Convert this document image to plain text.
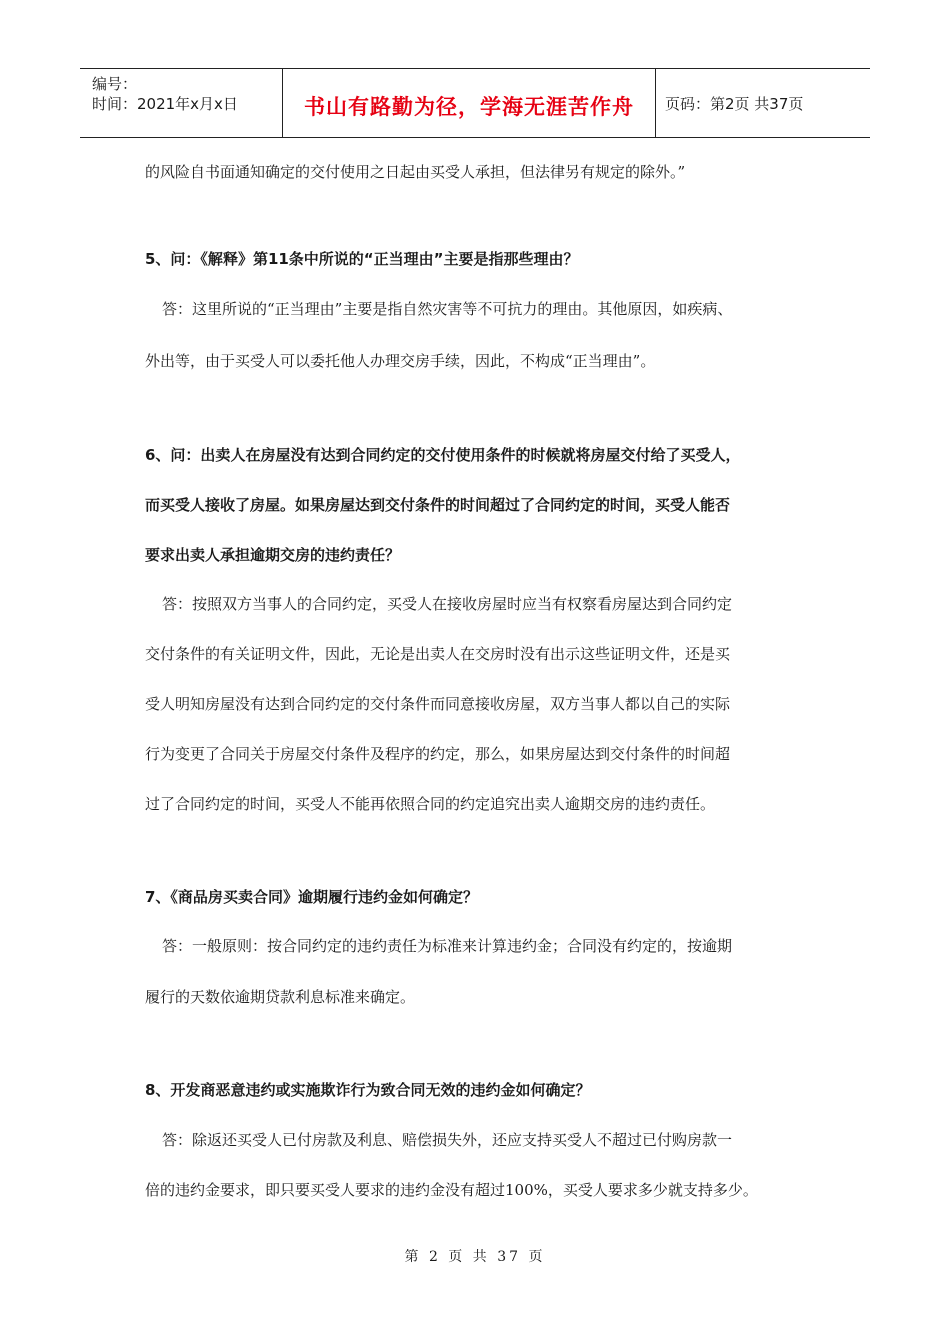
编号：
时间：2021年x月x日	书山有路勤为径，学海无涯苦作舟	页码：第2页 共37页
的风险自书面通知确定的交付使用之日起由买受人承担，但法律另有规定的除外。”
5、问：《解释》第11条中所说的“正当理由”主要是指那些理由？
答：这里所说的“正当理由”主要是指自然灾害等不可抗力的理由。其他原因，如疾病、
外出等，由于买受人可以委托他人办理交房手续，因此，不构成“正当理由”。
6、问：出卖人在房屋没有达到合同约定的交付使用条件的时候就将房屋交付给了买受人，
而买受人接收了房屋。如果房屋达到交付条件的时间超过了合同约定的时间，买受人能否
要求出卖人承担逾期交房的违约责任？
答：按照双方当事人的合同约定，买受人在接收房屋时应当有权察看房屋达到合同约定
交付条件的有关证明文件，因此，无论是出卖人在交房时没有出示这些证明文件，还是买
受人明知房屋没有达到合同约定的交付条件而同意接收房屋，双方当事人都以自己的实际
行为变更了合同关于房屋交付条件及程序的约定，那么，如果房屋达到交付条件的时间超
过了合同约定的时间，买受人不能再依照合同的约定追究出卖人逾期交房的违约责任。
7、《商品房买卖合同》逾期履行违约金如何确定？
答：一般原则：按合同约定的违约责任为标准来计算违约金；合同没有约定的，按逾期
履行的天数依逾期贷款利息标准来确定。
8、开发商恶意违约或实施欺诈行为致合同无效的违约金如何确定？
答：除返还买受人已付房款及利息、赔偿损失外，还应支持买受人不超过已付购房款一
倍的违约金要求，即只要买受人要求的违约金没有超过100%，买受人要求多少就支持多少。
第 2 页 共 37 页
